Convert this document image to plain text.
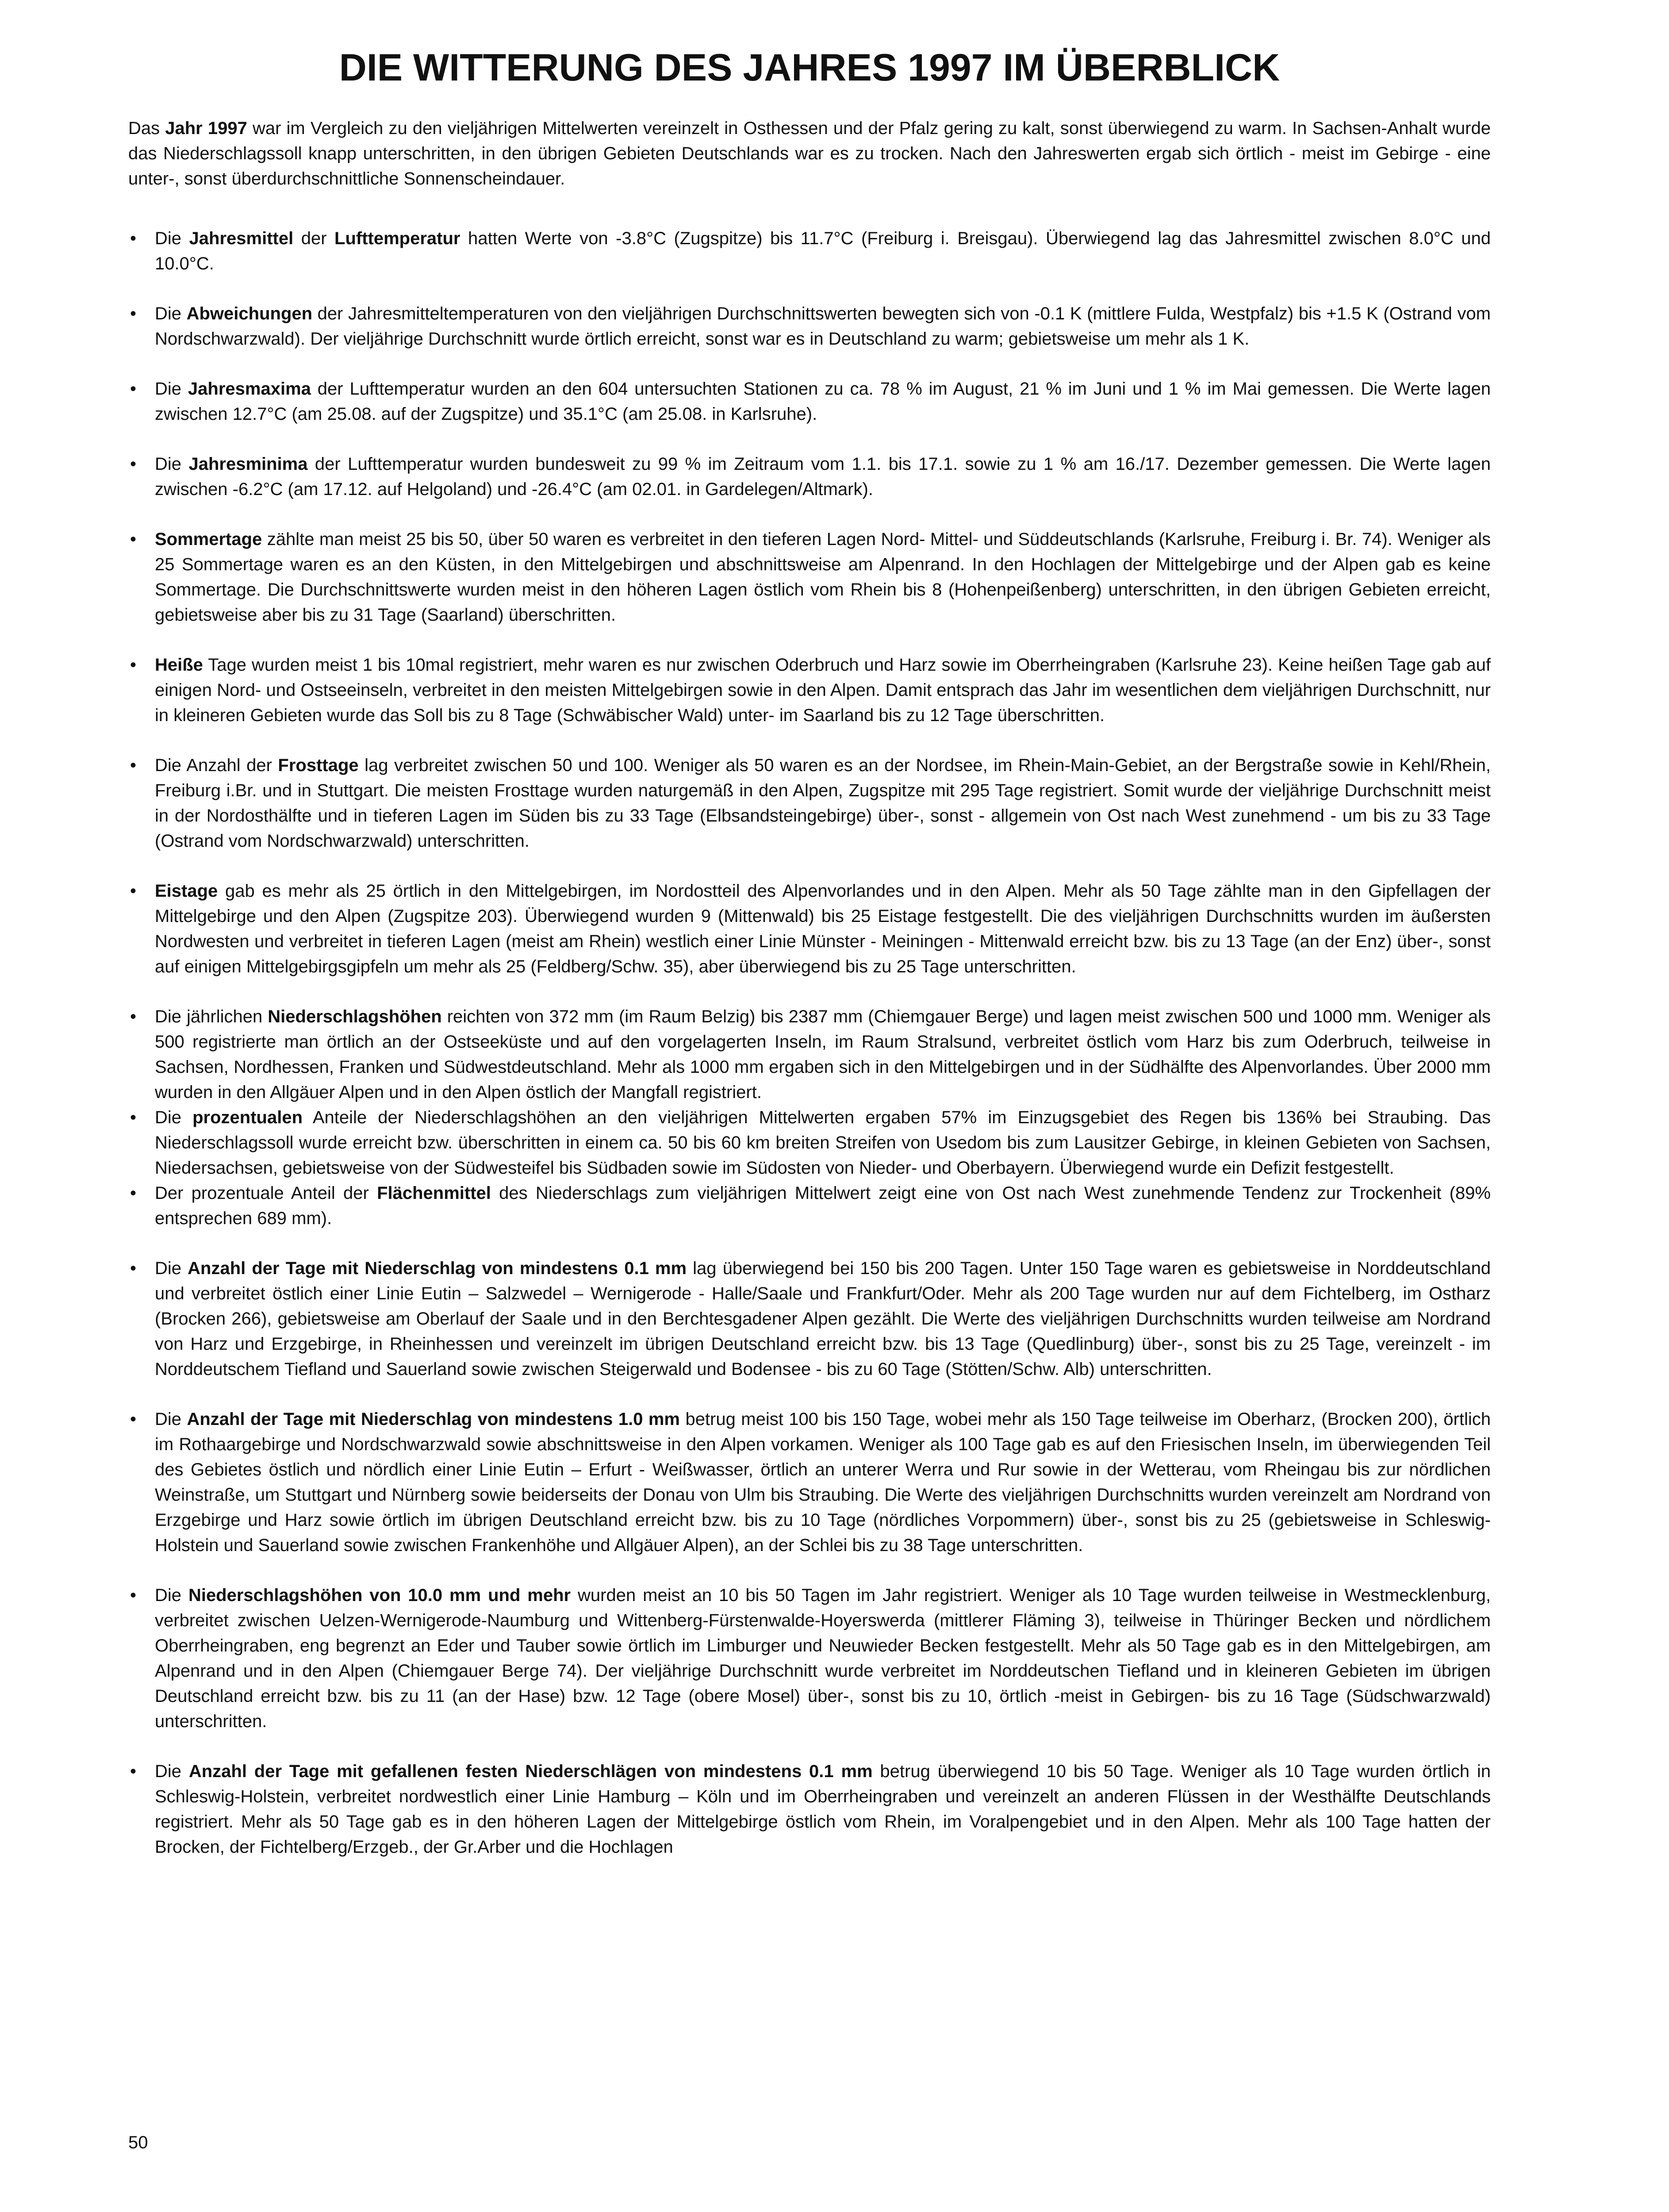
DIE WITTERUNG DES JAHRES 1997 IM ÜBERBLICK

Das Jahr 1997 war im Vergleich zu den vieljährigen Mittelwerten vereinzelt in Osthessen und der Pfalz gering zu kalt, sonst überwiegend zu warm. In Sachsen-Anhalt wurde das Niederschlagssoll knapp unterschritten, in den übrigen Gebieten Deutschlands war es zu trocken. Nach den Jahreswerten ergab sich örtlich - meist im Gebirge - eine unter-, sonst überdurchschnittliche Sonnenscheindauer.

• Die Jahresmittel der Lufttemperatur hatten Werte von -3.8°C (Zugspitze) bis 11.7°C (Freiburg i. Breisgau). Überwiegend lag das Jahresmittel zwischen 8.0°C und 10.0°C.
• Die Abweichungen der Jahresmitteltemperaturen von den vieljährigen Durchschnittswerten bewegten sich von -0.1 K (mittlere Fulda, Westpfalz) bis +1.5 K (Ostrand vom Nordschwarzwald). Der vieljährige Durchschnitt wurde örtlich erreicht, sonst war es in Deutschland zu warm; gebietsweise um mehr als 1 K.
• Die Jahresmaxima der Lufttemperatur wurden an den 604 untersuchten Stationen zu ca. 78 % im August, 21 % im Juni und 1 % im Mai gemessen. Die Werte lagen zwischen 12.7°C (am 25.08. auf der Zugspitze) und 35.1°C (am 25.08. in Karlsruhe).
• Die Jahresminima der Lufttemperatur wurden bundesweit zu 99 % im Zeitraum vom 1.1. bis 17.1. sowie zu 1 % am 16./17. Dezember gemessen. Die Werte lagen zwischen -6.2°C (am 17.12. auf Helgoland) und -26.4°C (am 02.01. in Gardelegen/Altmark).
• Sommertage zählte man meist 25 bis 50, über 50 waren es verbreitet in den tieferen Lagen Nord- Mittel- und Süddeutschlands (Karlsruhe, Freiburg i. Br. 74). Weniger als 25 Sommertage waren es an den Küsten, in den Mittelgebirgen und abschnittsweise am Alpenrand. In den Hochlagen der Mittelgebirge und der Alpen gab es keine Sommertage. Die Durchschnittswerte wurden meist in den höheren Lagen östlich vom Rhein bis 8 (Hohenpeißenberg) unterschritten, in den übrigen Gebieten erreicht, gebietsweise aber bis zu 31 Tage (Saarland) überschritten.
• Heiße Tage wurden meist 1 bis 10mal registriert, mehr waren es nur zwischen Oderbruch und Harz sowie im Oberrheingraben (Karlsruhe 23). Keine heißen Tage gab auf einigen Nord- und Ostseeinseln, verbreitet in den meisten Mittelgebirgen sowie in den Alpen. Damit entsprach das Jahr im wesentlichen dem vieljährigen Durchschnitt, nur in kleineren Gebieten wurde das Soll bis zu 8 Tage (Schwäbischer Wald) unter- im Saarland bis zu 12 Tage überschritten.
• Die Anzahl der Frosttage lag verbreitet zwischen 50 und 100. Weniger als 50 waren es an der Nordsee, im Rhein-Main-Gebiet, an der Bergstraße sowie in Kehl/Rhein, Freiburg i.Br. und in Stuttgart. Die meisten Frosttage wurden naturgemäß in den Alpen, Zugspitze mit 295 Tage registriert. Somit wurde der vieljährige Durchschnitt meist in der Nordosthälfte und in tieferen Lagen im Süden bis zu 33 Tage (Elbsandsteingebirge) über-, sonst - allgemein von Ost nach West zunehmend - um bis zu 33 Tage (Ostrand vom Nordschwarzwald) unterschritten.
• Eistage gab es mehr als 25 örtlich in den Mittelgebirgen, im Nordostteil des Alpenvorlandes und in den Alpen. Mehr als 50 Tage zählte man in den Gipfellagen der Mittelgebirge und den Alpen (Zugspitze 203). Überwiegend wurden 9 (Mittenwald) bis 25 Eistage festgestellt. Die des vieljährigen Durchschnitts wurden im äußersten Nordwesten und verbreitet in tieferen Lagen (meist am Rhein) westlich einer Linie Münster - Meiningen - Mittenwald erreicht bzw. bis zu 13 Tage (an der Enz) über-, sonst auf einigen Mittelgebirgsgipfeln um mehr als 25 (Feldberg/Schw. 35), aber überwiegend bis zu 25 Tage unterschritten.
• Die jährlichen Niederschlagshöhen reichten von 372 mm (im Raum Belzig) bis 2387 mm (Chiemgauer Berge) und lagen meist zwischen 500 und 1000 mm. Weniger als 500 registrierte man örtlich an der Ostseeküste und auf den vorgelagerten Inseln, im Raum Stralsund, verbreitet östlich vom Harz bis zum Oderbruch, teilweise in Sachsen, Nordhessen, Franken und Südwestdeutschland. Mehr als 1000 mm ergaben sich in den Mittelgebirgen und in der Südhälfte des Alpenvorlandes. Über 2000 mm wurden in den Allgäuer Alpen und in den Alpen östlich der Mangfall registriert.
• Die prozentualen Anteile der Niederschlagshöhen an den vieljährigen Mittelwerten ergaben 57% im Einzugsgebiet des Regen bis 136% bei Straubing. Das Niederschlagssoll wurde erreicht bzw. überschritten in einem ca. 50 bis 60 km breiten Streifen von Usedom bis zum Lausitzer Gebirge, in kleinen Gebieten von Sachsen, Niedersachsen, gebietsweise von der Südwesteifel bis Südbaden sowie im Südosten von Nieder- und Oberbayern. Überwiegend wurde ein Defizit festgestellt.
• Der prozentuale Anteil der Flächenmittel des Niederschlags zum vieljährigen Mittelwert zeigt eine von Ost nach West zunehmende Tendenz zur Trockenheit (89% entsprechen 689 mm).
• Die Anzahl der Tage mit Niederschlag von mindestens 0.1 mm lag überwiegend bei 150 bis 200 Tagen. Unter 150 Tage waren es gebietsweise in Norddeutschland und verbreitet östlich einer Linie Eutin – Salzwedel – Wernigerode - Halle/Saale und Frankfurt/Oder. Mehr als 200 Tage wurden nur auf dem Fichtelberg, im Ostharz (Brocken 266), gebietsweise am Oberlauf der Saale und in den Berchtesgadener Alpen gezählt. Die Werte des vieljährigen Durchschnitts wurden teilweise am Nordrand von Harz und Erzgebirge, in Rheinhessen und vereinzelt im übrigen Deutschland erreicht bzw. bis 13 Tage (Quedlinburg) über-, sonst bis zu 25 Tage, vereinzelt - im Norddeutschem Tiefland und Sauerland sowie zwischen Steigerwald und Bodensee - bis zu 60 Tage (Stötten/Schw. Alb) unterschritten.
• Die Anzahl der Tage mit Niederschlag von mindestens 1.0 mm betrug meist 100 bis 150 Tage, wobei mehr als 150 Tage teilweise im Oberharz, (Brocken 200), örtlich im Rothaargebirge und Nordschwarzwald sowie abschnittsweise in den Alpen vorkamen. Weniger als 100 Tage gab es auf den Friesischen Inseln, im überwiegenden Teil des Gebietes östlich und nördlich einer Linie Eutin – Erfurt - Weißwasser, örtlich an unterer Werra und Rur sowie in der Wetterau, vom Rheingau bis zur nördlichen Weinstraße, um Stuttgart und Nürnberg sowie beiderseits der Donau von Ulm bis Straubing. Die Werte des vieljährigen Durchschnitts wurden vereinzelt am Nordrand von Erzgebirge und Harz sowie örtlich im übrigen Deutschland erreicht bzw. bis zu 10 Tage (nördliches Vorpommern) über-, sonst bis zu 25 (gebietsweise in Schleswig-Holstein und Sauerland sowie zwischen Frankenhöhe und Allgäuer Alpen), an der Schlei bis zu 38 Tage unterschritten.
• Die Niederschlagshöhen von 10.0 mm und mehr wurden meist an 10 bis 50 Tagen im Jahr registriert. Weniger als 10 Tage wurden teilweise in Westmecklenburg, verbreitet zwischen Uelzen-Wernigerode-Naumburg und Wittenberg-Fürstenwalde-Hoyerswerda (mittlerer Fläming 3), teilweise in Thüringer Becken und nördlichem Oberrheingraben, eng begrenzt an Eder und Tauber sowie örtlich im Limburger und Neuwieder Becken festgestellt. Mehr als 50 Tage gab es in den Mittelgebirgen, am Alpenrand und in den Alpen (Chiemgauer Berge 74). Der vieljährige Durchschnitt wurde verbreitet im Norddeutschen Tiefland und in kleineren Gebieten im übrigen Deutschland erreicht bzw. bis zu 11 (an der Hase) bzw. 12 Tage (obere Mosel) über-, sonst bis zu 10, örtlich -meist in Gebirgen- bis zu 16 Tage (Südschwarzwald) unterschritten.
• Die Anzahl der Tage mit gefallenen festen Niederschlägen von mindestens 0.1 mm betrug überwiegend 10 bis 50 Tage. Weniger als 10 Tage wurden örtlich in Schleswig-Holstein, verbreitet nordwestlich einer Linie Hamburg – Köln und im Oberrheingraben und vereinzelt an anderen Flüssen in der Westhälfte Deutschlands registriert. Mehr als 50 Tage gab es in den höheren Lagen der Mittelgebirge östlich vom Rhein, im Voralpengebiet und in den Alpen. Mehr als 100 Tage hatten der Brocken, der Fichtelberg/Erzgeb., der Gr.Arber und die Hochlagen
50
